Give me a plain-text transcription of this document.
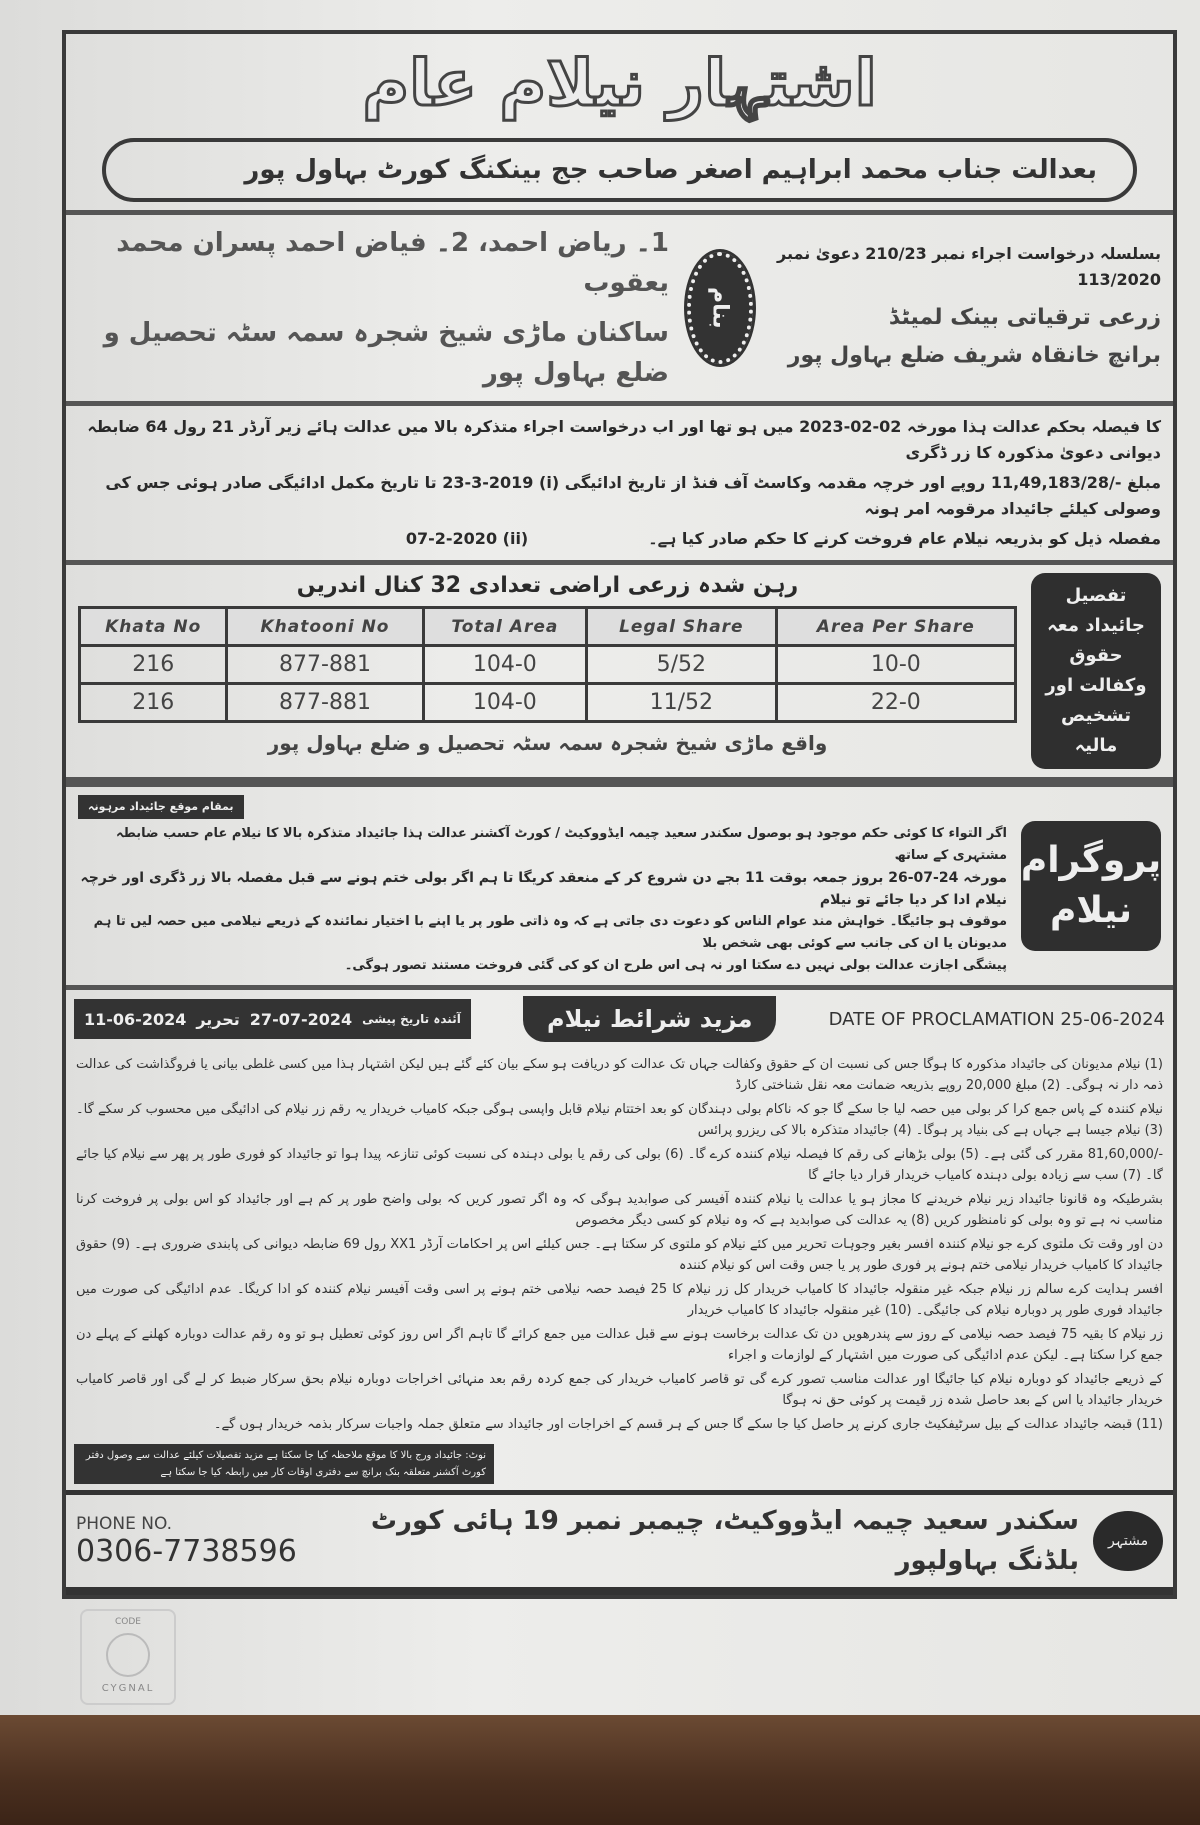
اشتہار نیلام عام
بعدالت جناب محمد ابراہیم اصغر صاحب جج بینکنگ کورٹ بہاول پور
بسلسلہ درخواست اجراء نمبر 210/23 دعویٰ نمبر 113/2020
زرعی ترقیاتی بینک لمیٹڈ
برانچ خانقاہ شریف ضلع بہاول پور
بنام
1۔ ریاض احمد، 2۔ فیاض احمد پسران محمد یعقوب
ساکنان ماڑی شیخ شجرہ سمہ سٹہ تحصیل و ضلع بہاول پور
کا فیصلہ بحکم عدالت ہذا مورخہ 02-02-2023 میں ہو تھا اور اب درخواست اجراء متذکرہ بالا میں عدالت ہائے زیر آرڈر 21 رول 64 ضابطہ دیوانی دعویٰ مذکورہ کا زر ڈگری
مبلغ -/11,49,183/28 روپے اور خرچہ مقدمہ وکاسٹ آف فنڈ از تاریخ ادائیگی (i) 23-3-2019 تا تاریخ مکمل ادائیگی صادر ہوئی جس کی وصولی کیلئے جائیداد مرقومہ امر ہونہ
مفصلہ ذیل کو بذریعہ نیلام عام فروخت کرنے کا حکم صادر کیا ہے۔
07-2-2020 (ii)
تفصیل جائیداد معہ حقوق وکفالت اور تشخیص مالیہ
رہن شدہ زرعی اراضی تعدادی 32 کنال اندریں
Khata No	Khatooni No	Total Area	Legal Share	Area Per Share
216	877-881	104-0	5/52	10-0
216	877-881	104-0	11/52	22-0
واقع ماڑی شیخ شجرہ سمہ سٹہ تحصیل و ضلع بہاول پور
پروگرام نیلام
بمقام موقع جائیداد مرہونہ
اگر التواء کا کوئی حکم موجود ہو بوصول سکندر سعید چیمہ ایڈووکیٹ / کورٹ آکشنر عدالت ہذا جائیداد متذکرہ بالا کا نیلام عام حسب ضابطہ مشتہری کے ساتھ
مورخہ 24-07-26 بروز جمعہ بوقت 11 بجے دن شروع کر کے منعقد کریگا تا ہم اگر بولی ختم ہونے سے قبل مفصلہ بالا زر ڈگری اور خرچہ نیلام ادا کر دیا جائے تو نیلام
موقوف ہو جائیگا۔ خواہش مند عوام الناس کو دعوت دی جاتی ہے کہ وہ ذاتی طور پر یا اپنے با اختیار نمائندہ کے ذریعے نیلامی میں حصہ لیں تا ہم مدیونان یا ان کی جانب سے کوئی بھی شخص بلا
پیشگی اجازت عدالت بولی نہیں دے سکتا اور نہ ہی اس طرح ان کو کی گئی فروخت مستند تصور ہوگی۔
11-06-2024 تحریر 27-07-2024 آئندہ تاریخ پیشی	مزید شرائط نیلام	DATE OF PROCLAMATION 25-06-2024
(1) نیلام مدیونان کی جائیداد مذکورہ کا ہوگا جس کی نسبت ان کے حقوق وکفالت جہاں تک عدالت کو دریافت ہو سکے بیان کئے گئے ہیں لیکن اشتہار ہذا میں کسی غلطی بیانی یا فروگذاشت کی عدالت ذمہ دار نہ ہوگی۔ (2) مبلغ 20,000 روپے بذریعہ ضمانت معہ نقل شناختی کارڈ
نیلام کنندہ کے پاس جمع کرا کر بولی میں حصہ لیا جا سکے گا جو کہ ناکام بولی دہندگان کو بعد اختتام نیلام قابل واپسی ہوگی جبکہ کامیاب خریدار یہ رقم زر نیلام کی ادائیگی میں محسوب کر سکے گا۔ (3) نیلام جیسا ہے جہاں ہے کی بنیاد پر ہوگا۔ (4) جائیداد متذکرہ بالا کی ریزرو پرائس
-/81,60,000 مقرر کی گئی ہے۔ (5) بولی بڑھانے کی رقم کا فیصلہ نیلام کنندہ کرے گا۔ (6) بولی کی رقم یا بولی دہندہ کی نسبت کوئی تنازعہ پیدا ہوا تو جائیداد کو فوری طور پر پھر سے نیلام کیا جائے گا۔ (7) سب سے زیادہ بولی دہندہ کامیاب خریدار قرار دیا جائے گا
بشرطیکہ وہ قانونا جائیداد زیر نیلام خریدنے کا مجاز ہو یا عدالت یا نیلام کنندہ آفیسر کی صوابدید ہوگی کہ وہ اگر تصور کریں کہ بولی واضح طور پر کم ہے اور جائیداد کو اس بولی پر فروخت کرنا مناسب نہ ہے تو وہ بولی کو نامنظور کریں (8) یہ عدالت کی صوابدید ہے کہ وہ نیلام کو کسی دیگر مخصوص
دن اور وقت تک ملتوی کرے جو نیلام کنندہ افسر بغیر وجوہات تحریر میں کئے نیلام کو ملتوی کر سکتا ہے۔ جس کیلئے اس پر احکامات آرڈر XX1 رول 69 ضابطہ دیوانی کی پابندی ضروری ہے۔ (9) حقوق جائیداد کا کامیاب خریدار نیلامی ختم ہونے پر فوری طور پر یا جس وقت اس کو نیلام کنندہ
افسر ہدایت کرے سالم زر نیلام جبکہ غیر منقولہ جائیداد کا کامیاب خریدار کل زر نیلام کا 25 فیصد حصہ نیلامی ختم ہونے پر اسی وقت آفیسر نیلام کنندہ کو ادا کریگا۔ عدم ادائیگی کی صورت میں جائیداد فوری طور پر دوبارہ نیلام کی جائیگی۔ (10) غیر منقولہ جائیداد کا کامیاب خریدار
زر نیلام کا بقیہ 75 فیصد حصہ نیلامی کے روز سے پندرھویں دن تک عدالت برخاست ہونے سے قبل عدالت میں جمع کرائے گا تاہم اگر اس روز کوئی تعطیل ہو تو وہ رقم عدالت دوبارہ کھلنے کے پہلے دن جمع کرا سکتا ہے۔ لیکن عدم ادائیگی کی صورت میں اشتہار کے لوازمات و اجراء
کے ذریعے جائیداد کو دوبارہ نیلام کیا جائیگا اور عدالت مناسب تصور کرے گی تو قاصر کامیاب خریدار کی جمع کردہ رقم بعد منہائی اخراجات دوبارہ نیلام بحق سرکار ضبط کر لے گی اور قاصر کامیاب خریدار جائیداد یا اس کے بعد حاصل شدہ زر قیمت پر کوئی حق نہ ہوگا
(11) قبضہ جائیداد عدالت کے بیل سرٹیفکیٹ جاری کرنے پر حاصل کیا جا سکے گا جس کے ہر قسم کے اخراجات اور جائیداد سے متعلق جملہ واجبات سرکار بذمہ خریدار ہوں گے۔
نوٹ: جائیداد ورج بالا کا موقع ملاحظہ کیا جا سکتا ہے مزید تفصیلات کیلئے عدالت سے وصول دفتر کورٹ آکشنر متعلقہ بنک برانچ سے دفتری اوقات کار میں رابطہ کیا جا سکتا ہے
PHONE NO.
0306-7738596
سکندر سعید چیمہ ایڈووکیٹ، چیمبر نمبر 19 ہائی کورٹ بلڈنگ بہاولپور
مشتہر
CODE
CYGNAL
